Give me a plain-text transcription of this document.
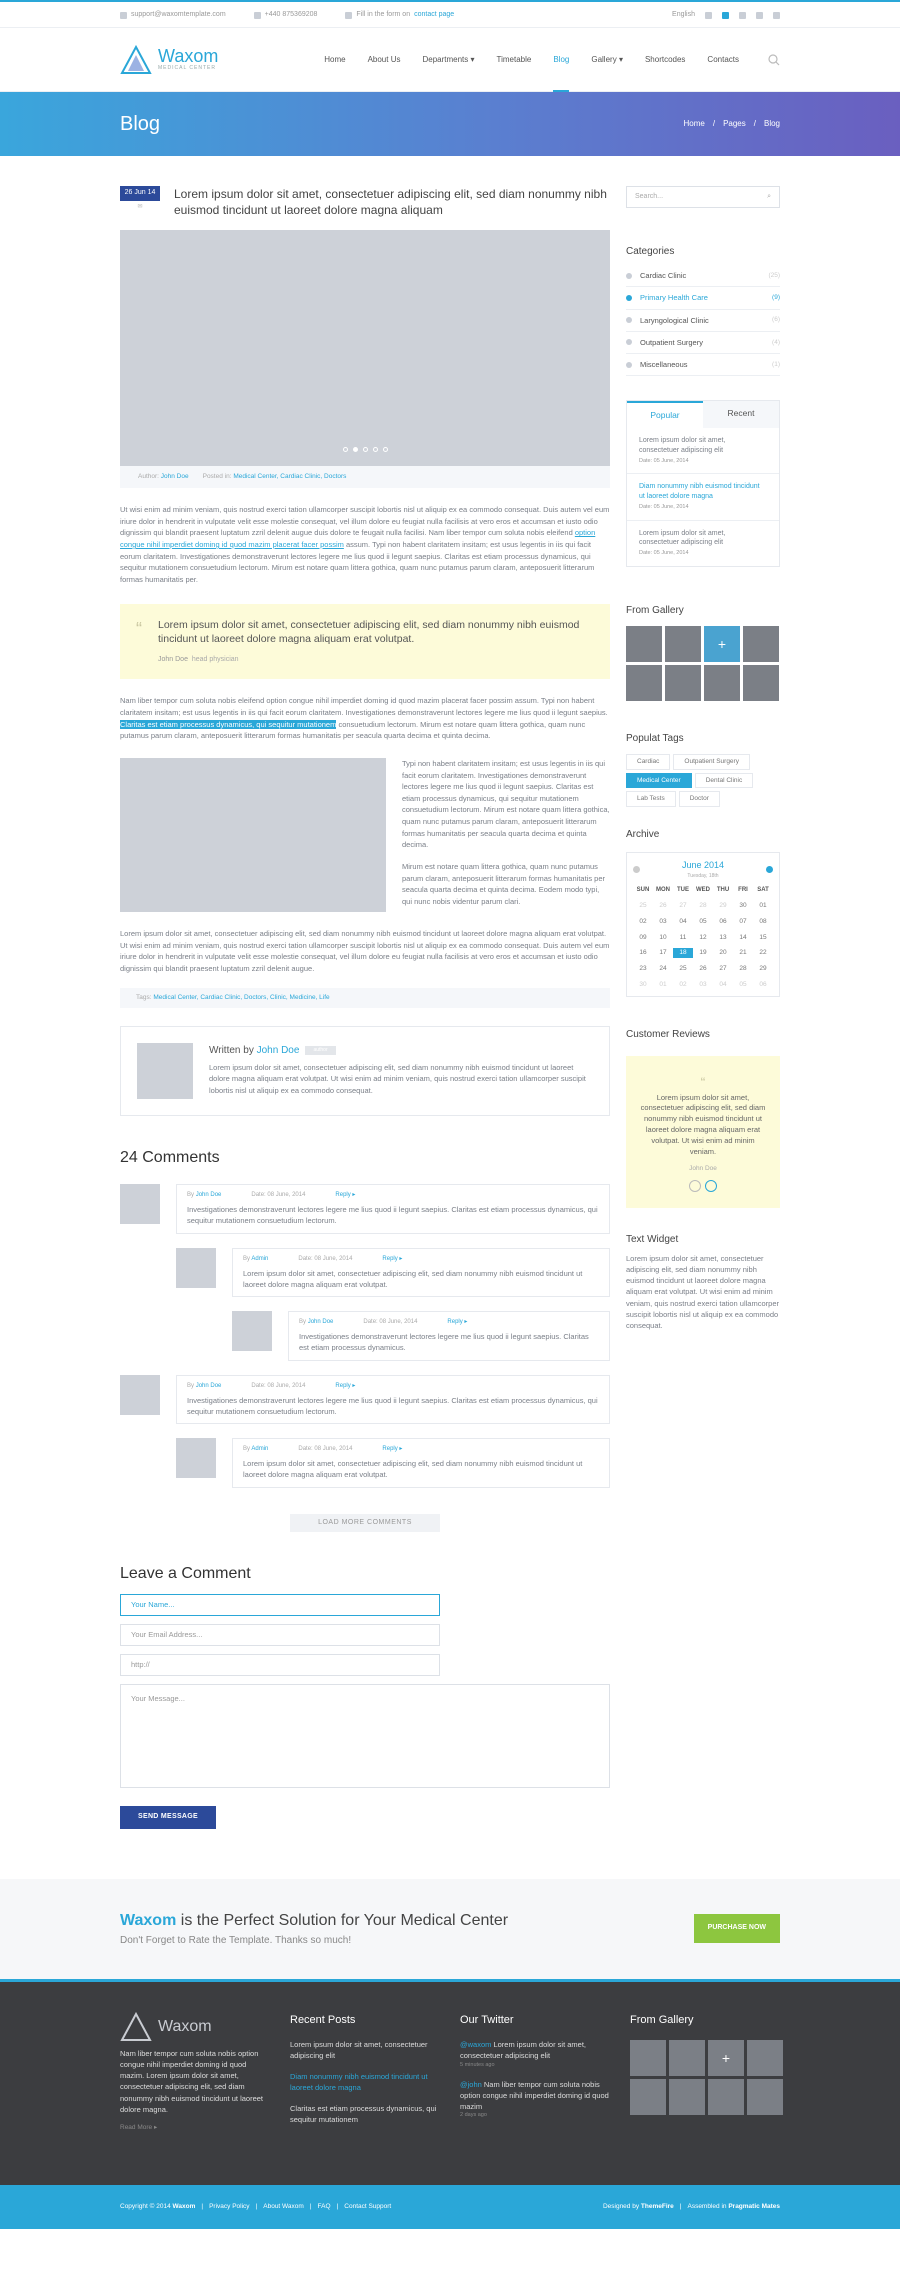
support@waxomtemplate.com	+440 875369208	Fill in the form on contact page	English
Waxom
MEDICAL CENTER
Home	About Us	Departments
▾	Timetable	Blog	Gallery
▾	Shortcodes	Contacts
Blog	Home / Pages / Blog
26 Jun 14
✉
Lorem ipsum dolor sit amet, consectetuer adipiscing elit, sed diam nonummy nibh euismod tincidunt ut laoreet dolore magna aliquam
Author: John Doe Posted in: Medical Center, Cardiac Clinic, Doctors

Ut wisi enim ad minim veniam, quis nostrud exerci tation ullamcorper suscipit lobortis nisl ut aliquip ex ea commodo consequat. Duis autem vel eum iriure dolor in hendrerit in vulputate velit esse molestie consequat, vel illum dolore eu feugiat nulla facilisis at vero eros et accumsan et iusto odio dignissim qui blandit praesent luptatum zzril delenit augue duis dolore te feugait nulla facilisi. Nam liber tempor cum soluta nobis eleifend option congue nihil imperdiet doming id quod mazim placerat facer possim assum. Typi non habent claritatem insitam; est usus legentis in iis qui facit eorum claritatem. Investigationes demonstraverunt lectores legere me lius quod ii legunt saepius. Claritas est etiam processus dynamicus, qui sequitur mutationem consuetudium lectorum. Mirum est notare quam littera gothica, quam nunc putamus parum claram, anteposuerit litterarum formas humanitatis per.

“ Lorem ipsum dolor sit amet, consectetuer adipiscing elit, sed diam nonummy nibh euismod tincidunt ut laoreet dolore magna aliquam erat volutpat.
John Doe head physician

Nam liber tempor cum soluta nobis eleifend option congue nihil imperdiet doming id quod mazim placerat facer possim assum. Typi non habent claritatem insitam; est usus legentis in iis qui facit eorum claritatem. Investigationes demonstraverunt lectores legere me lius quod ii legunt saepius. Claritas est etiam processus dynamicus, qui sequitur mutationem consuetudium lectorum. Mirum est notare quam littera gothica, quam nunc putamus parum claram, anteposuerit litterarum formas humanitatis per seacula quarta decima et quinta decima.

Typi non habent claritatem insitam; est usus legentis in iis qui facit eorum claritatem. Investigationes demonstraverunt lectores legere me lius quod ii legunt saepius. Claritas est etiam processus dynamicus, qui sequitur mutationem consuetudium lectorum. Mirum est notare quam littera gothica, quam nunc putamus parum claram, anteposuerit litterarum formas humanitatis per seacula quarta decima et quinta decima.

Mirum est notare quam littera gothica, quam nunc putamus parum claram, anteposuerit litterarum formas humanitatis per seacula quarta decima et quinta decima. Eodem modo typi, qui nunc nobis videntur parum clari.

Lorem ipsum dolor sit amet, consectetuer adipiscing elit, sed diam nonummy nibh euismod tincidunt ut laoreet dolore magna aliquam erat volutpat. Ut wisi enim ad minim veniam, quis nostrud exerci tation ullamcorper suscipit lobortis nisl ut aliquip ex ea commodo consequat. Duis autem vel eum iriure dolor in hendrerit in vulputate velit esse molestie consequat, vel illum dolore eu feugiat nulla facilisis at vero eros et accumsan et iusto odio dignissim qui blandit praesent luptatum zzril delenit augue.

Tags: Medical Center, Cardiac Clinic, Doctors, Clinic, Medicine, Life
Written by John Doe	author
Lorem ipsum dolor sit amet, consectetuer adipiscing elit, sed diam nonummy nibh euismod tincidunt ut laoreet dolore magna aliquam erat volutpat. Ut wisi enim ad minim veniam, quis nostrud exerci tation ullamcorper suscipit lobortis nisl ut aliquip ex ea commodo consequat.
24 Comments
By John Doe	Date: 08 June, 2014	Reply ▸
Investigationes demonstraverunt lectores legere me lius quod ii legunt saepius. Claritas est etiam processus dynamicus, qui sequitur mutationem consuetudium lectorum.
By Admin	Date: 08 June, 2014	Reply ▸
Lorem ipsum dolor sit amet, consectetuer adipiscing elit, sed diam nonummy nibh euismod tincidunt ut laoreet dolore magna aliquam erat volutpat.
By John Doe	Date: 08 June, 2014	Reply ▸
Investigationes demonstraverunt lectores legere me lius quod ii legunt saepius. Claritas est etiam processus dynamicus.
By John Doe	Date: 08 June, 2014	Reply ▸
Investigationes demonstraverunt lectores legere me lius quod ii legunt saepius. Claritas est etiam processus dynamicus, qui sequitur mutationem consuetudium lectorum.
By Admin	Date: 08 June, 2014	Reply ▸
Lorem ipsum dolor sit amet, consectetuer adipiscing elit, sed diam nonummy nibh euismod tincidunt ut laoreet dolore magna aliquam erat volutpat.
LOAD MORE COMMENTS
Leave a Comment
Your Name...
Your Email Address...
http://
Your Message...
SEND MESSAGE
Search...	⌕
Categories
Cardiac Clinic	(25)
Primary Health Care	(9)
Laryngological Clinic	(6)
Outpatient Surgery	(4)
Miscellaneous	(1)
Popular	Recent
Lorem ipsum dolor sit amet, consectetuer adipiscing elit
Date: 05 June, 2014
Diam nonummy nibh euismod tincidunt ut laoreet dolore magna
Date: 05 June, 2014
Lorem ipsum dolor sit amet, consectetuer adipiscing elit
Date: 05 June, 2014
From Gallery
+
Populat Tags
Cardiac	Outpatient Surgery
Medical Center	Dental Clinic
Lab Tests	Doctor
Archive
June 2014
Tuesday, 18th
SUN	MON	TUE	WED	THU	FRI	SAT
25	26	27	28	29	30	01
02	03	04	05	06	07	08
09	10	11	12	13	14	15
16	17	18	19	20	21	22
23	24	25	26	27	28	29
30	01	02	03	04	05	06
Customer Reviews
“
Lorem ipsum dolor sit amet, consectetuer adipiscing elit, sed diam nonummy nibh euismod tincidunt ut laoreet dolore magna aliquam erat volutpat. Ut wisi enim ad minim veniam.
John Doe
Text Widget
Lorem ipsum dolor sit amet, consectetuer adipiscing elit, sed diam nonummy nibh euismod tincidunt ut laoreet dolore magna aliquam erat volutpat. Ut wisi enim ad minim veniam, quis nostrud exerci tation ullamcorper suscipit lobortis nisl ut aliquip ex ea commodo consequat.
Waxom is the Perfect Solution for Your Medical Center
Don't Forget to Rate the Template. Thanks so much!
PURCHASE NOW
Waxom
Nam liber tempor cum soluta nobis option congue nihil imperdiet doming id quod mazim. Lorem ipsum dolor sit amet, consectetuer adipiscing elit, sed diam nonummy nibh euismod tincidunt ut laoreet dolore magna.
Read More ▸
Recent Posts
Lorem ipsum dolor sit amet, consectetuer adipiscing elit
Diam nonummy nibh euismod tincidunt ut laoreet dolore magna
Claritas est etiam processus dynamicus, qui sequitur mutationem
Our Twitter
@waxom Lorem ipsum dolor sit amet, consectetuer adipiscing elit
5 minutes ago
@john Nam liber tempor cum soluta nobis option congue nihil imperdiet doming id quod mazim
2 days ago
From Gallery
+
Copyright © 2014 Waxom | Privacy Policy | About Waxom | FAQ | Contact Support	Designed by ThemeFire | Assembled in Pragmatic Mates
